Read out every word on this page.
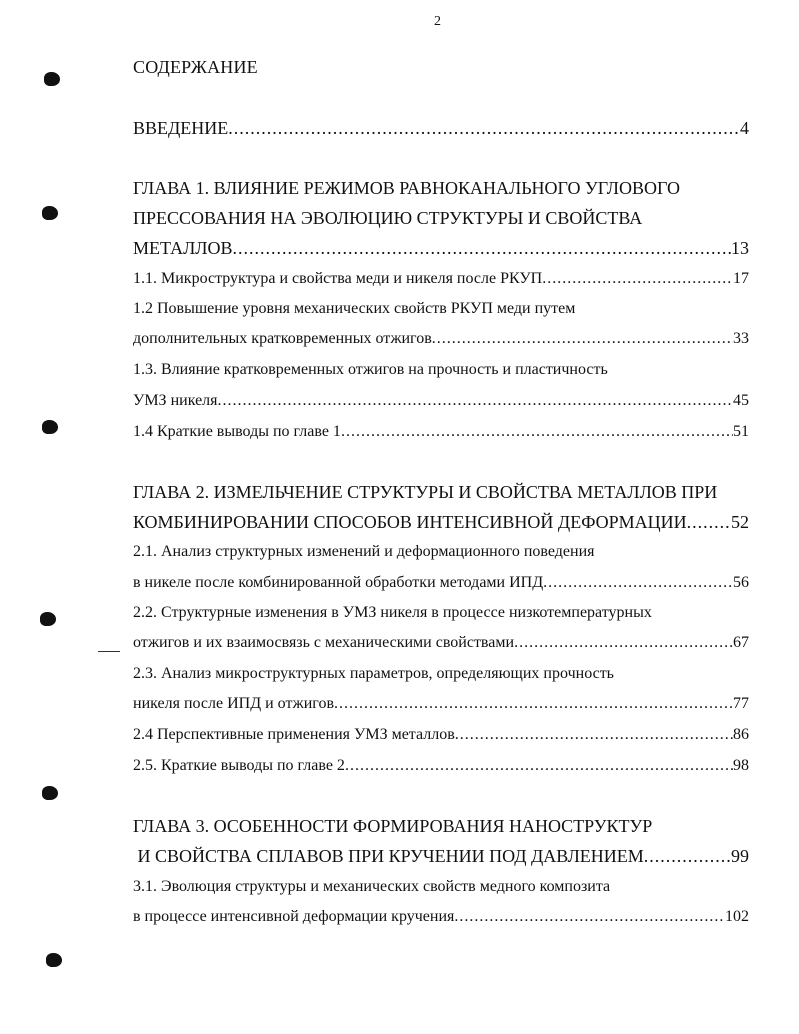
2
СОДЕРЖАНИЕ
ВВЕДЕНИЕ .....	4
ГЛАВА 1. ВЛИЯНИЕ РЕЖИМОВ РАВНОКАНАЛЬНОГО УГЛОВОГО
ПРЕССОВАНИЯ НА ЭВОЛЮЦИЮ СТРУКТУРЫ И СВОЙСТВА
МЕТАЛЛОВ .....	13
1.1. Микроструктура и свойства меди и никеля после РКУП .....	17
1.2 Повышение уровня механических свойств РКУП меди путем
дополнительных кратковременных отжигов .....	33
1.3. Влияние кратковременных отжигов на прочность и пластичность
УМЗ никеля .....	45
1.4 Краткие выводы по главе 1 .....	51
ГЛАВА 2. ИЗМЕЛЬЧЕНИЕ СТРУКТУРЫ И СВОЙСТВА МЕТАЛЛОВ ПРИ
КОМБИНИРОВАНИИ СПОСОБОВ ИНТЕНСИВНОЙ ДЕФОРМАЦИИ ..... 52
2.1. Анализ структурных изменений и деформационного поведения
в никеле после комбинированной обработки методами ИПД .....	56
2.2. Структурные изменения в УМЗ никеля в процессе низкотемпературных
отжигов и их взаимосвязь с механическими свойствами .....	67
2.3. Анализ микроструктурных параметров, определяющих прочность
никеля после ИПД и отжигов .....	77
2.4 Перспективные применения УМЗ металлов .....	86
2.5. Краткие выводы по главе 2 .....	98
ГЛАВА 3. ОСОБЕННОСТИ ФОРМИРОВАНИЯ НАНОСТРУКТУР
И СВОЙСТВА СПЛАВОВ ПРИ КРУЧЕНИИ ПОД ДАВЛЕНИЕМ .....	99
3.1. Эволюция структуры и механических свойств медного композита
в процессе интенсивной деформации кручения .....	102
